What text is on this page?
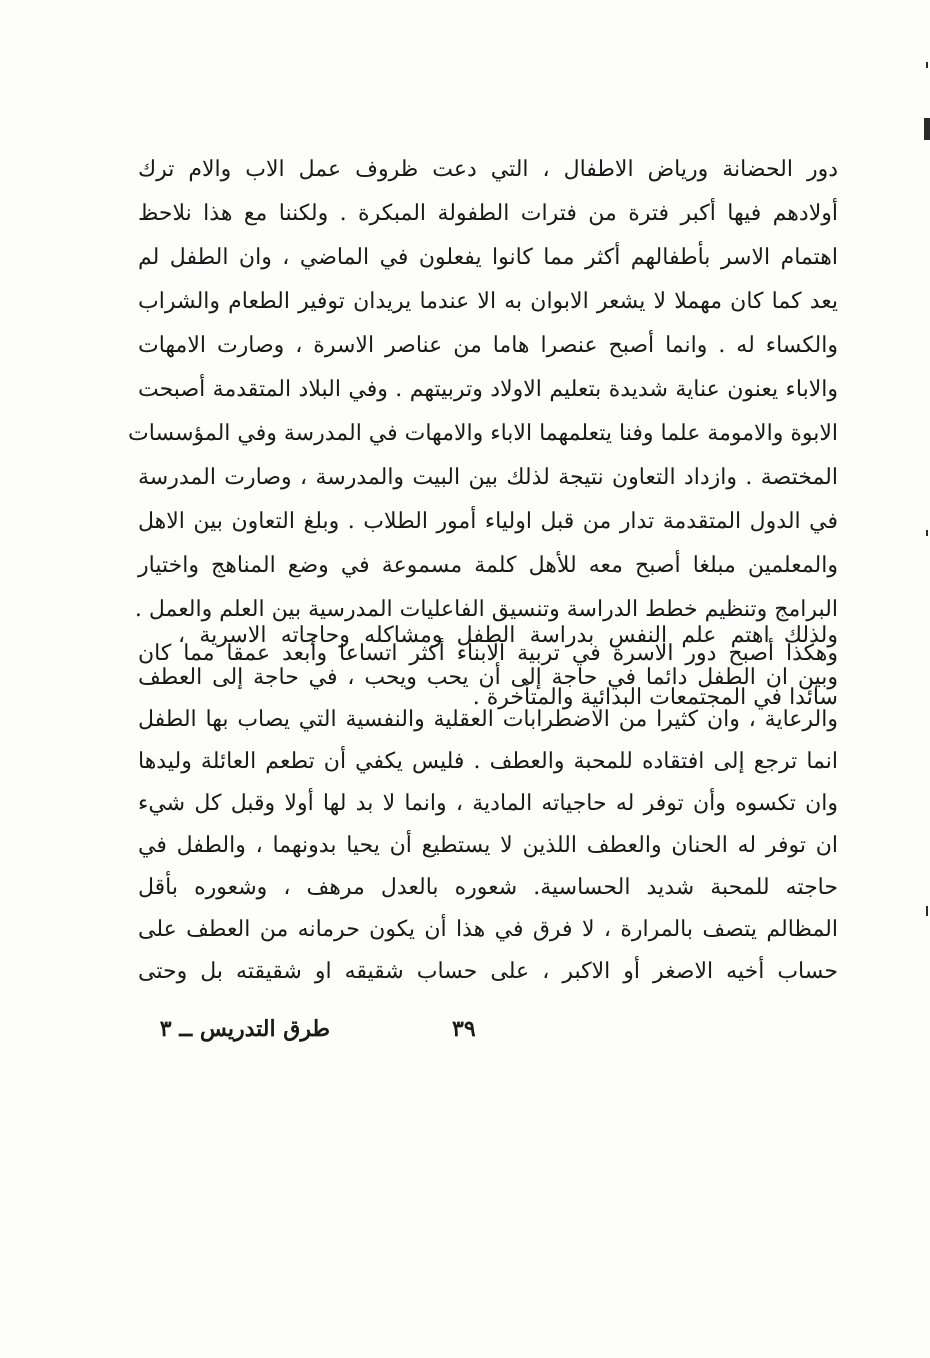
دور الحضانة ورياض الاطفال ، التي دعت ظروف عمل الاب والام ترك
أولادهم فيها أكبر فترة من فترات الطفولة المبكرة . ولكننا مع هذا نلاحظ
اهتمام الاسر بأطفالهم أكثر مما كانوا يفعلون في الماضي ، وان الطفل لم
يعد كما كان مهملا لا يشعر الابوان به الا عندما يريدان توفير الطعام والشراب
والكساء له . وانما أصبح عنصرا هاما من عناصر الاسرة ، وصارت الامهات
والاباء يعنون عناية شديدة بتعليم الاولاد وتربيتهم . وفي البلاد المتقدمة أصبحت
الابوة والامومة علما وفنا يتعلمهما الاباء والامهات في المدرسة وفي المؤسسات
المختصة . وازداد التعاون نتيجة لذلك بين البيت والمدرسة ، وصارت المدرسة
في الدول المتقدمة تدار من قبل اولياء أمور الطلاب . وبلغ التعاون بين الاهل
والمعلمين مبلغا أصبح معه للأهل كلمة مسموعة في وضع المناهج واختيار
البرامج وتنظيم خطط الدراسة وتنسيق الفاعليات المدرسية بين العلم والعمل .
وهكذا أصبح دور الاسرة في تربية الابناء أكثر اتساعا وأبعد عمقا مما كان
سائدا في المجتمعات البدائية والمتأخرة .
ولذلك اهتم علم النفس بدراسة الطفل ومشاكله وحاجاته الاسرية ،
وبين ان الطفل دائما في حاجة إلى أن يحب ويحب ، في حاجة إلى العطف
والرعاية ، وان كثيرا من الاضطرابات العقلية والنفسية التي يصاب بها الطفل
انما ترجع إلى افتقاده للمحبة والعطف . فليس يكفي أن تطعم العائلة وليدها
وان تكسوه وأن توفر له حاجياته المادية ، وانما لا بد لها أولا وقبل كل شيء
ان توفر له الحنان والعطف اللذين لا يستطيع أن يحيا بدونهما ، والطفل في
حاجته للمحبة شديد الحساسية. شعوره بالعدل مرهف ، وشعوره بأقل
المظالم يتصف بالمرارة ، لا فرق في هذا أن يكون حرمانه من العطف على
حساب أخيه الاصغر أو الاكبر ، على حساب شقيقه او شقيقته بل وحتى
طرق التدريس ــ ٣	٣٩
